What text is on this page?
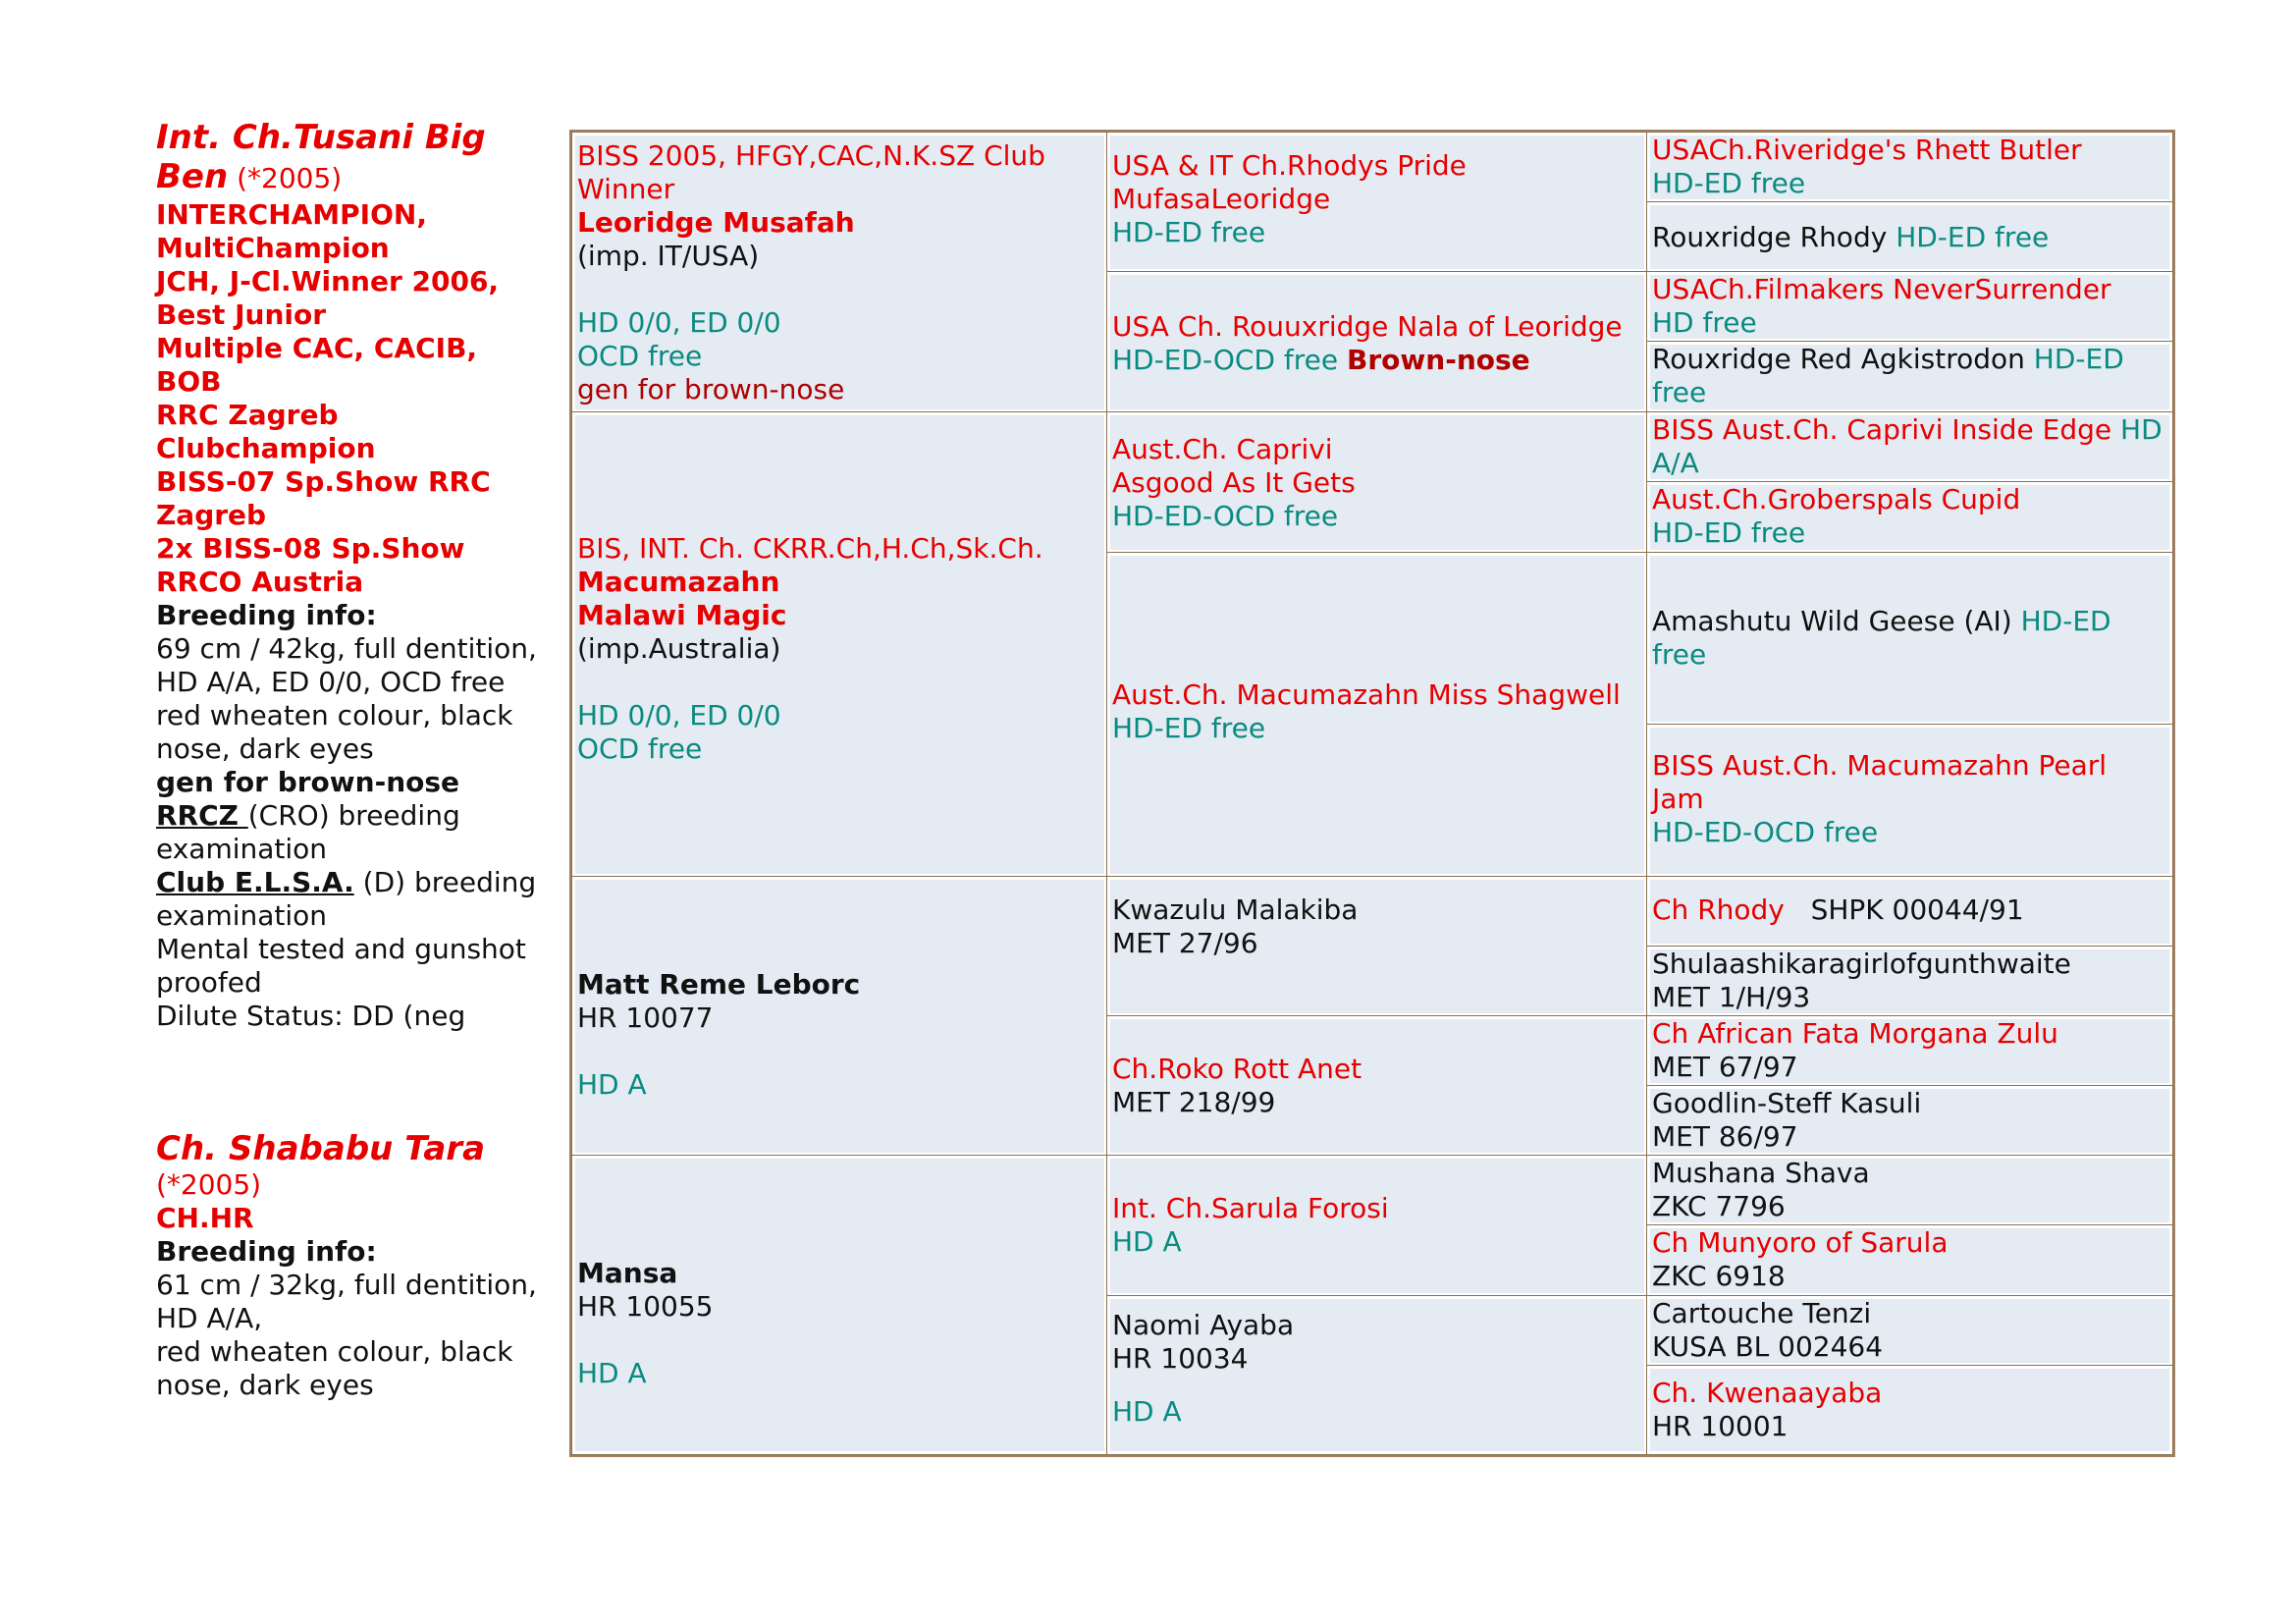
Int. Ch.Tusani Big
Ben (*2005)
INTERCHAMPION,
MultiChampion
JCH, J-Cl.Winner 2006,
Best Junior
Multiple CAC, CACIB,
BOB
RRC Zagreb
Clubchampion
BISS-07 Sp.Show RRC
Zagreb
2x BISS-08 Sp.Show
RRCO Austria
Breeding info:
69 cm / 42kg, full dentition,
HD A/A, ED 0/0, OCD free
red wheaten colour, black
nose, dark eyes
gen for brown-nose
RRCZ (CRO) breeding
examination
Club E.L.S.A. (D) breeding
examination
Mental tested and gunshot
proofed
Dilute Status: DD (neg
Ch. Shababu Tara
(*2005)
CH.HR
Breeding info:
61 cm / 32kg, full dentition,
HD A/A,
red wheaten colour, black
nose, dark eyes
BISS 2005, HFGY,CAC,N.K.SZ Club
Winner
Leoridge Musafah
(imp. IT/USA)
HD 0/0, ED 0/0
OCD free
gen for brown-nose
BIS, INT. Ch. CKRR.Ch,H.Ch,Sk.Ch.
Macumazahn
Malawi Magic
(imp.Australia)
HD 0/0, ED 0/0
OCD free
Matt Reme Leborc
HR 10077
HD A
Mansa
HR 10055
HD A
USA & IT Ch.Rhodys Pride
MufasaLeoridge
HD-ED free
USA Ch. Rouuxridge Nala of Leoridge
HD-ED-OCD free Brown-nose
Aust.Ch. Caprivi
Asgood As It Gets
HD-ED-OCD free
Aust.Ch. Macumazahn Miss Shagwell
HD-ED free
Kwazulu Malakiba
MET 27/96
Ch.Roko Rott Anet
MET 218/99
Int. Ch.Sarula Forosi
HD A
Naomi Ayaba
HR 10034
HD A
USACh.Riveridge's Rhett Butler
HD-ED free
Rouxridge Rhody HD-ED free
USACh.Filmakers NeverSurrender
HD free
Rouxridge Red Agkistrodon HD-ED
free
BISS Aust.Ch. Caprivi Inside Edge HD
A/A
Aust.Ch.Groberspals Cupid
HD-ED free
Amashutu Wild Geese (AI) HD-ED
free
BISS Aust.Ch. Macumazahn Pearl
Jam
HD-ED-OCD free
Ch Rhody   SHPK 00044/91
Shulaashikaragirlofgunthwaite
MET 1/H/93
Ch African Fata Morgana Zulu
MET 67/97
Goodlin-Steff Kasuli
MET 86/97
Mushana Shava
ZKC 7796
Ch Munyoro of Sarula
ZKC 6918
Cartouche Tenzi
KUSA BL 002464
Ch. Kwenaayaba
HR 10001
